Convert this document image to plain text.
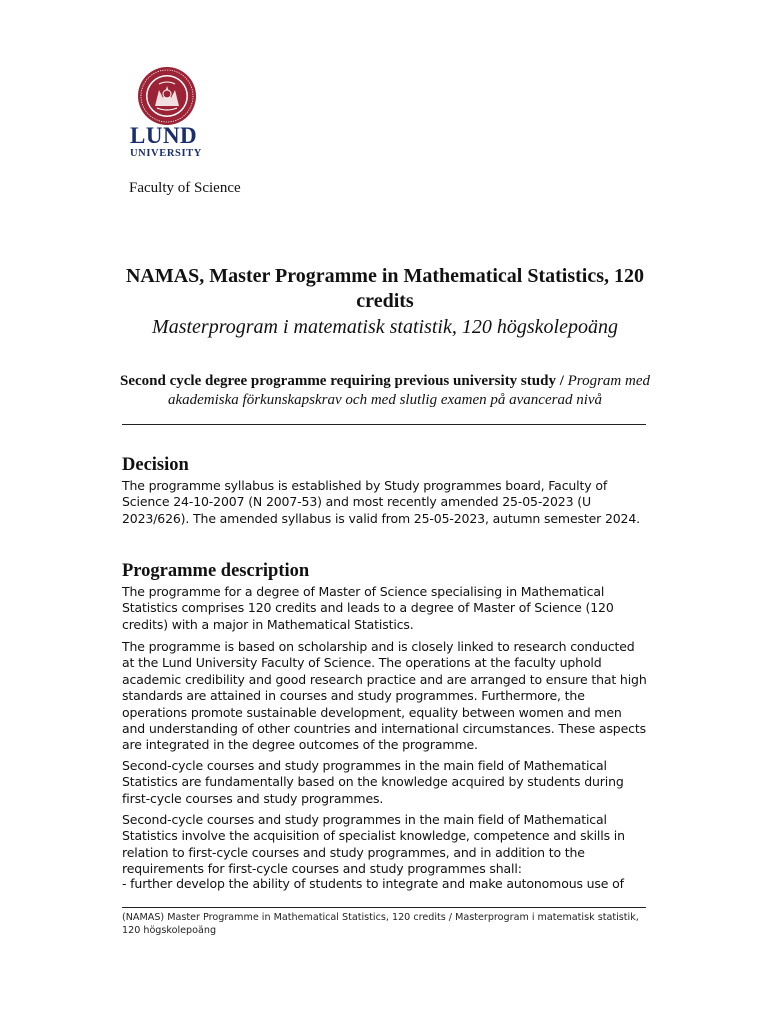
LUND
UNIVERSITY
Faculty of Science

NAMAS, Master Programme in Mathematical Statistics, 120 credits

Masterprogram i matematisk statistik, 120 högskolepoäng

Second cycle degree programme requiring previous university study / Program med akademiska förkunskapskrav och med slutlig examen på avancerad nivå
Decision

The programme syllabus is established by Study programmes board, Faculty of Science 24-10-2007 (N 2007-53) and most recently amended 25-05-2023 (U 2023/626). The amended syllabus is valid from 25-05-2023, autumn semester 2024.

Programme description

The programme for a degree of Master of Science specialising in Mathematical Statistics comprises 120 credits and leads to a degree of Master of Science (120 credits) with a major in Mathematical Statistics.

The programme is based on scholarship and is closely linked to research conducted at the Lund University Faculty of Science. The operations at the faculty uphold academic credibility and good research practice and are arranged to ensure that high standards are attained in courses and study programmes. Furthermore, the operations promote sustainable development, equality between women and men and understanding of other countries and international circumstances. These aspects are integrated in the degree outcomes of the programme.

Second-cycle courses and study programmes in the main field of Mathematical Statistics are fundamentally based on the knowledge acquired by students during first-cycle courses and study programmes.

Second-cycle courses and study programmes in the main field of Mathematical Statistics involve the acquisition of specialist knowledge, competence and skills in relation to first-cycle courses and study programmes, and in addition to the requirements for first-cycle courses and study programmes shall:

- further develop the ability of students to integrate and make autonomous use of

(NAMAS) Master Programme in Mathematical Statistics, 120 credits / Masterprogram i matematisk statistik, 120 högskolepoäng
